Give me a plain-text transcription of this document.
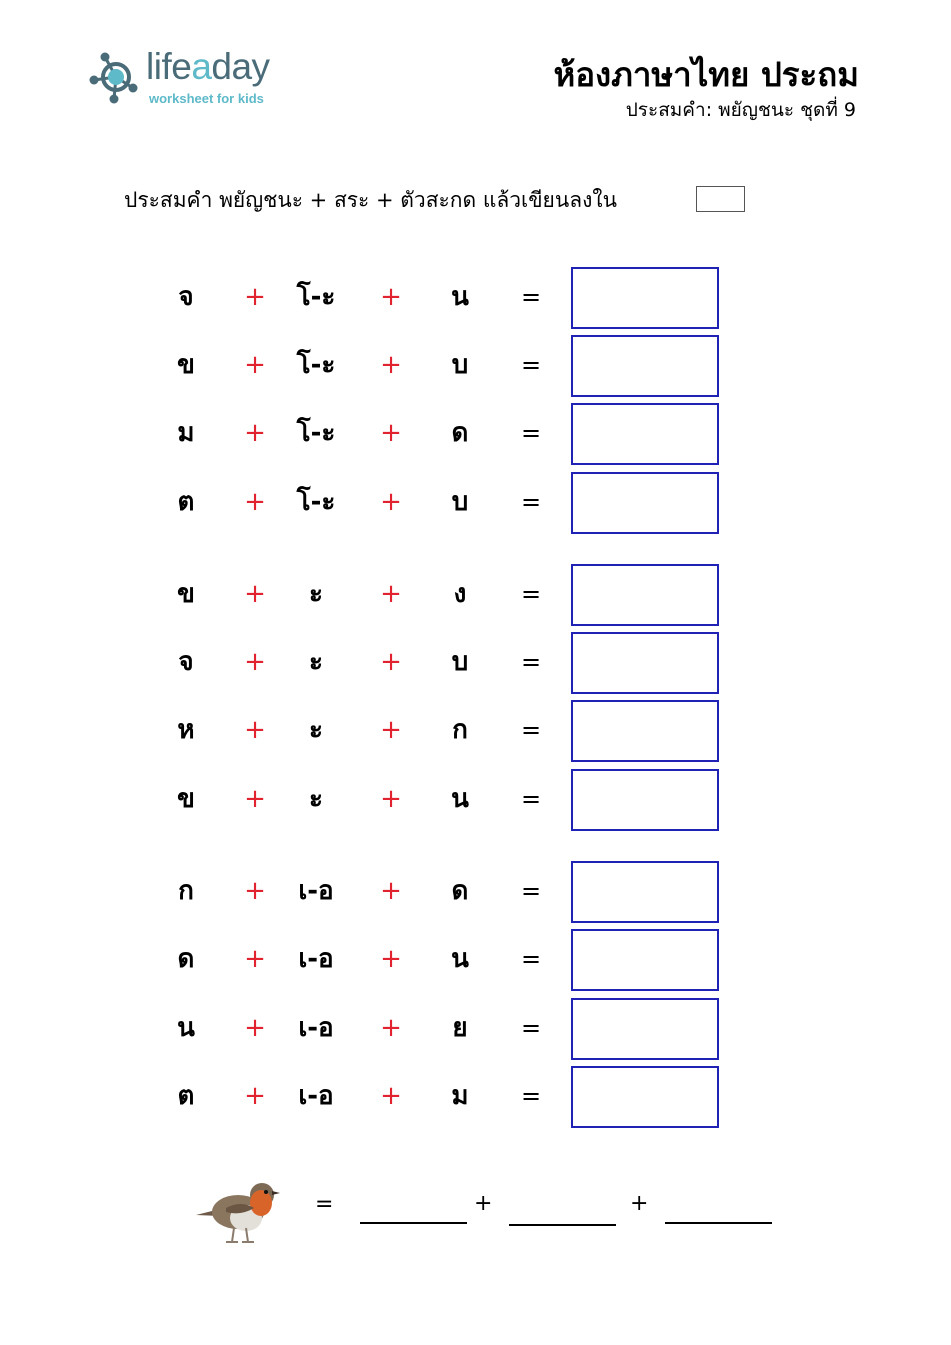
lifeaday
worksheet for kids
ห้องภาษาไทย ประถม
ประสมคำ: พยัญชนะ ชุดที่ 9
ประสมคำ พยัญชนะ + สระ + ตัวสะกด แล้วเขียนลงใน
จ	+	โ-ะ	+	น	=
ข	+	โ-ะ	+	บ	=
ม	+	โ-ะ	+	ด	=
ต	+	โ-ะ	+	บ	=
ข	+	ะ	+	ง	=
จ	+	ะ	+	บ	=
ห	+	ะ	+	ก	=
ข	+	ะ	+	น	=
ก	+	เ-อ	+	ด	=
ด	+	เ-อ	+	น	=
น	+	เ-อ	+	ย	=
ต	+	เ-อ	+	ม	=
=	+	+
